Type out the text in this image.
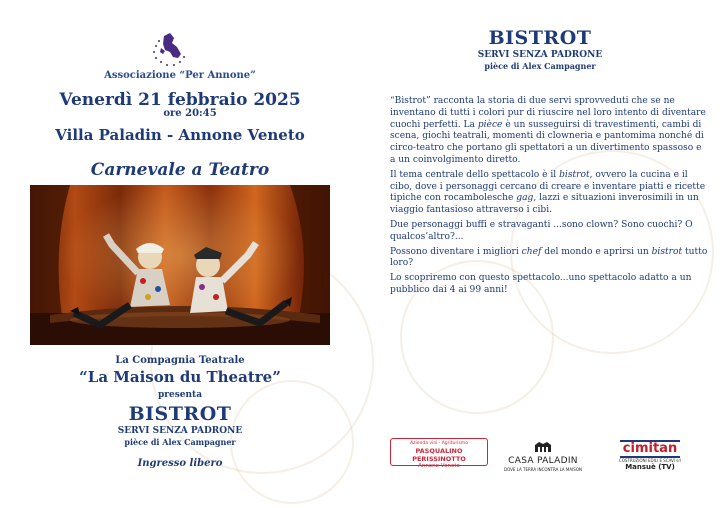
Associazione “Per Annone”
Venerdì 21 febbraio 2025
ore 20:45
Villa Paladin - Annone Veneto
Carnevale a Teatro
La Compagnia Teatrale
“La Maison du Theatre”
presenta
BISTROT
SERVI SENZA PADRONE
pièce di Alex Campagner
Ingresso libero
BISTROT
SERVI SENZA PADRONE
pièce di Alex Campagner

“Bistrot” racconta la storia di due servi sprovveduti che se ne inventano di tutti i colori pur di riuscire nel loro intento di diventare cuochi perfetti. La pièce è un susseguirsi di travestimenti, cambi di scena, giochi teatrali, momenti di clowneria e pantomima nonché di circo-teatro che portano gli spettatori a un divertimento spassoso e a un coinvolgimento diretto.

Il tema centrale dello spettacolo è il bistrot, ovvero la cucina e il cibo, dove i personaggi cercano di creare e inventare piatti e ricette tipiche con rocambolesche gag, lazzi e situazioni inverosimili in un viaggio fantasioso attraverso i cibi.

Due personaggi buffi e stravaganti ...sono clown? Sono cuochi? O qualcos’altro?...

Possono diventare i migliori chef del mondo e aprirsi un bistrot tutto loro?

Lo scopriremo con questo spettacolo...uno spettacolo adatto a un pubblico dai 4 ai 99 anni!

Azienda vini · Agriturismo
PASQUALINO PERISSINOTTO
Annone Veneto	CASA PALADIN
DOVE LA TERRA INCONTRA LA MAISON
cimitan
COSTRUZIONI EDILI E SCAVI srl
Mansuè (TV)
